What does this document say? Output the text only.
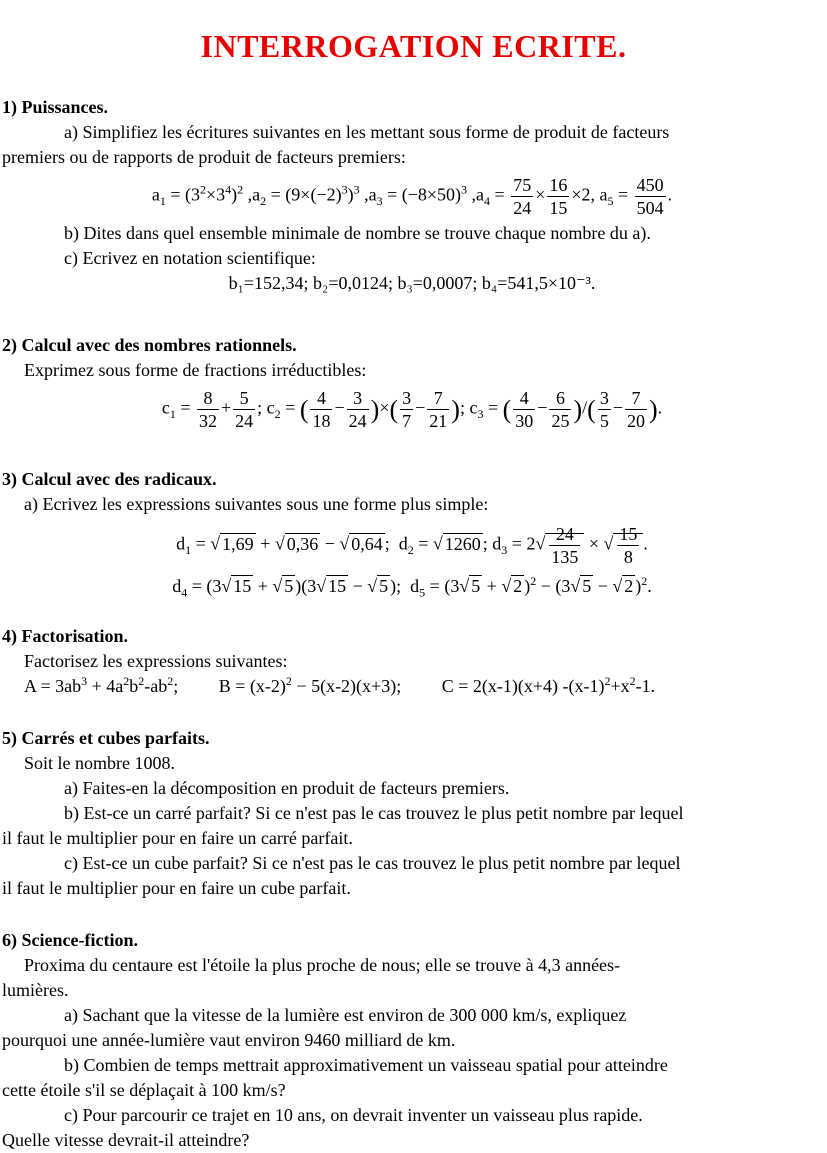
INTERROGATION ECRITE.
1) Puissances.
a) Simplifiez les écritures suivantes en les mettant sous forme de produit de facteurs
premiers ou de rapports de produit de facteurs premiers:
$a_1 = (3^2\times 3^4)^2$ $,a_2 = (9\times(-2)^3)^3$ $,a_3 = (-8\times 50)^3$ $,a_4 = \frac{75}{24} \times \frac{16}{15} \times 2$, $a_5 = \frac{450}{504}$ .
b) Dites dans quel ensemble minimale de nombre se trouve chaque nombre du a).
c) Ecrivez en notation scientifique:
b₁=152,34; b₂=0,0124; b₃=0,0007; b₄=541,5×10⁻³.
2) Calcul avec des nombres rationnels.
Exprimez sous forme de fractions irréductibles:
$c_1 = \frac{8}{32} + \frac{5}{24}$ ; $c_2$ = ( $\frac{4}{18} - \frac{3}{24}$ )×( $\frac{3}{7} - \frac{7}{21}$ ); $c_3$ = ( $\frac{4}{30} - \frac{6}{25}$ )/( $\frac{3}{5} - \frac{7}{20}$ ).
3) Calcul avec des radicaux.
a) Ecrivez les expressions suivantes sous une forme plus simple:
$d_1$ = √ 1,69 + √ 0,36 − √ 0,64 ;  $d_2$ = √ 1260 ; $d_3 = 2√ \frac{24}{135}$ × √ $\frac{15}{8}$ .
$d_4 = (3√$ 15 + √ 5 )(3√ 15 − √ 5 );  $d_5 = (3√$ 5 + √ 2 )$^2$ − (3√ 5 − √ 2 )$^2$.
4) Factorisation.
Factorisez les expressions suivantes:
$A = 3ab^3 + 4a^2b^2-ab^2$;         $B = (x-2)^2 - 5(x-2)(x+3)$;         C = 2(x-1)(x+4) $-(x-1)^2+x^2-1$.
5) Carrés et cubes parfaits.
Soit le nombre 1008.
a) Faites-en la décomposition en produit de facteurs premiers.
b) Est-ce un carré parfait? Si ce n'est pas le cas trouvez le plus petit nombre par lequel
il faut le multiplier pour en faire un carré parfait.
c) Est-ce un cube parfait? Si ce n'est pas le cas trouvez le plus petit nombre par lequel
il faut le multiplier pour en faire un cube parfait.
6) Science-fiction.
Proxima du centaure est l'étoile la plus proche de nous; elle se trouve à 4,3 années-
lumières.
a) Sachant que la vitesse de la lumière est environ de 300 000 km/s, expliquez
pourquoi une année-lumière vaut environ 9460 milliard de km.
b) Combien de temps mettrait approximativement un vaisseau spatial pour atteindre
cette étoile s'il se déplaçait à 100 km/s?
c) Pour parcourir ce trajet en 10 ans, on devrait inventer un vaisseau plus rapide.
Quelle vitesse devrait-il atteindre?
